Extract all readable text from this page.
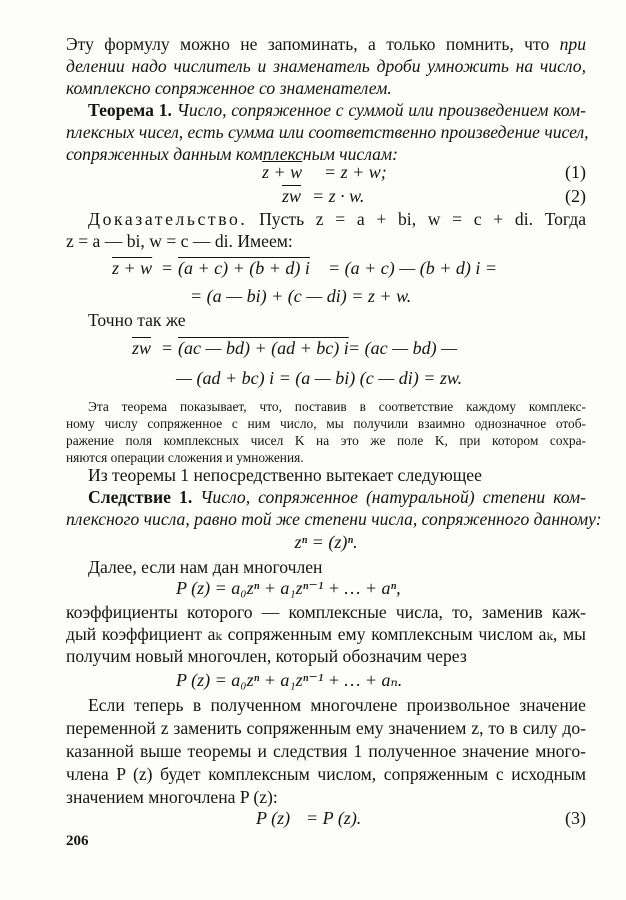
Эту формулу можно не запоминать, а только помнить, что при
делении надо числитель и знаменатель дроби умножить на число,
комплексно сопряженное со знаменателем.
Теорема 1. Число, сопряженное с суммой или произведением ком-
плексных чисел, есть сумма или соответственно произведение чисел,
сопряженных данным комплексным числам:
z + w = z + w;	(1)
$\overline{zw} = z \cdot w$.	(2)
Доказательство. Пусть z = a + bi, w = c + di. Тогда
z = a — bi, w = c — di. Имеем:
z + w = (a + c) + (b + d) i = (a + c) — (b + d) i =
= (a — bi) + (c — di) = z + w.
Точно так же
$\overline{zw} = (ac$ — bd) + (ad + bc) i = (ac — bd) —
— (ad + bc) i = (a — bi) (c — di) = zw.
Эта теорема показывает, что, поставив в соответствие каждому комплекс-
ному числу сопряженное с ним число, мы получили взаимно однозначное отоб-
ражение поля комплексных чисел K на это же поле K, при котором сохра-
няются операции сложения и умножения.
Из теоремы 1 непосредственно вытекает следующее
Следствие 1. Число, сопряженное (натуральной) степени ком-
плексного числа, равно той же степени числа, сопряженного данному:
zⁿ = (z)ⁿ.
Далее, если нам дан многочлен
P (z) = a₀zⁿ + a₁zⁿ⁻¹ + … + aⁿ,
коэффициенты которого — комплексные числа, то, заменив каж-
дый коэффициент aₖ сопряженным ему комплексным числом aₖ, мы
получим новый многочлен, который обозначим через
P (z) = a₀zⁿ + a₁zⁿ⁻¹ + … + aₙ.
Если теперь в полученном многочлене произвольное значение
переменной z заменить сопряженным ему значением z, то в силу до-
казанной выше теоремы и следствия 1 полученное значение много-
члена P (z) будет комплексным числом, сопряженным с исходным
значением многочлена P (z):
P (z) = P (z).	(3)
206
